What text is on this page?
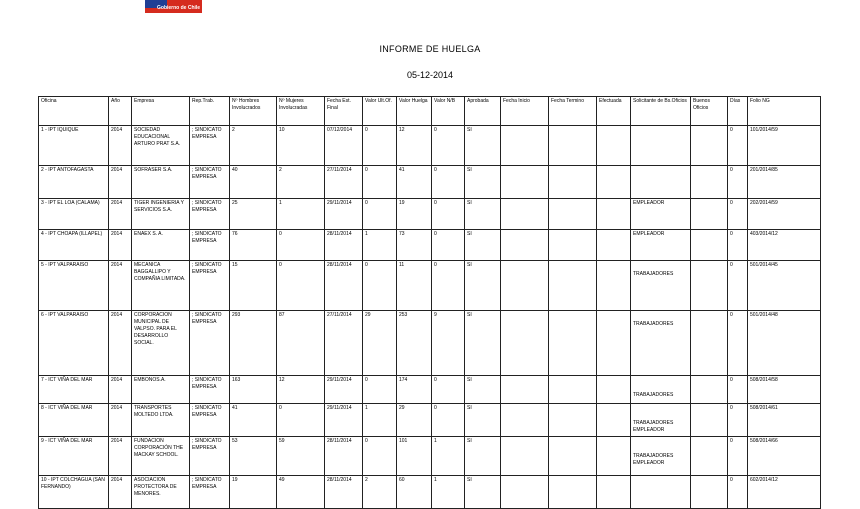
Gobierno de Chile
INFORME DE HUELGA
05-12-2014
Oficina	Año	Empresa	Rep.Trab.	Nº Hombres Involucrados	Nº Mujeres Involucradas	Fecha Est. Final	Valor Ult.Of.	Valor Huelga	Valor N/B	Aprobada	Fecha Inicio	Fecha Termino	Efectuada	Solicitante de Bs.Oficios	Buenos Oficios	Días	Folio NG
1 - IPT IQUIQUE	2014	SOCIEDAD EDUCACIONAL ARTURO PRAT S.A.	; SINDICATO EMPRESA	2	10	07/12/2014	0	12	0	SI						0	101/2014/59
2 - IPT ANTOFAGASTA	2014	SOFRASER S.A.	; SINDICATO EMPRESA	40	2	27/11/2014	0	41	0	SI						0	201/2014/85
3 - IPT EL LOA (CALAMA)	2014	TIGER INGENIERIA Y SERVICIOS S.A.	; SINDICATO EMPRESA	25	1	29/11/2014	0	19	0	SI				EMPLEADOR		0	202/2014/59
4 - IPT CHOAPA (ILLAPEL)	2014	ENAEX S. A.	; SINDICATO EMPRESA	76	0	28/11/2014	1	73	0	SI				EMPLEADOR		0	403/2014/12
5 - IPT VALPARAISO	2014	MECANICA BAGGALLIPO Y COMPAÑIA LIMITADA.	; SINDICATO EMPRESA	15	0	28/11/2014	0	11	0	SI				TRABAJADORES		0	501/2014/45
6 - IPT VALPARAISO	2014	CORPORACION MUNICIPAL DE VALPSO. PARA EL DESARROLLO SOCIAL.	; SINDICATO EMPRESA	293	87	27/11/2014	29	253	9	SI				TRABAJADORES		0	501/2014/48
7 - ICT VIÑA DEL MAR	2014	EMBONOS.A.	; SINDICATO EMPRESA	163	12	29/11/2014	0	174	0	SI				TRABAJADORES		0	508/2014/58
8 - ICT VIÑA DEL MAR	2014	TRANSPORTES MOLTEDO LTDA.	; SINDICATO EMPRESA	41	0	29/11/2014	1	29	0	SI				TRABAJADORES EMPLEADOR		0	508/2014/61
9 - ICT VIÑA DEL MAR	2014	FUNDACION CORPORACIÓN THE MACKAY SCHOOL.	; SINDICATO EMPRESA	53	59	28/11/2014	0	101	1	SI				TRABAJADORES EMPLEADOR		0	508/2014/66
10 - IPT COLCHAGUA (SAN FERNANDO)	2014	ASOCIACION PROTECTORA DE MENORES.	; SINDICATO EMPRESA	19	49	28/11/2014	2	60	1	SI						0	602/2014/12
